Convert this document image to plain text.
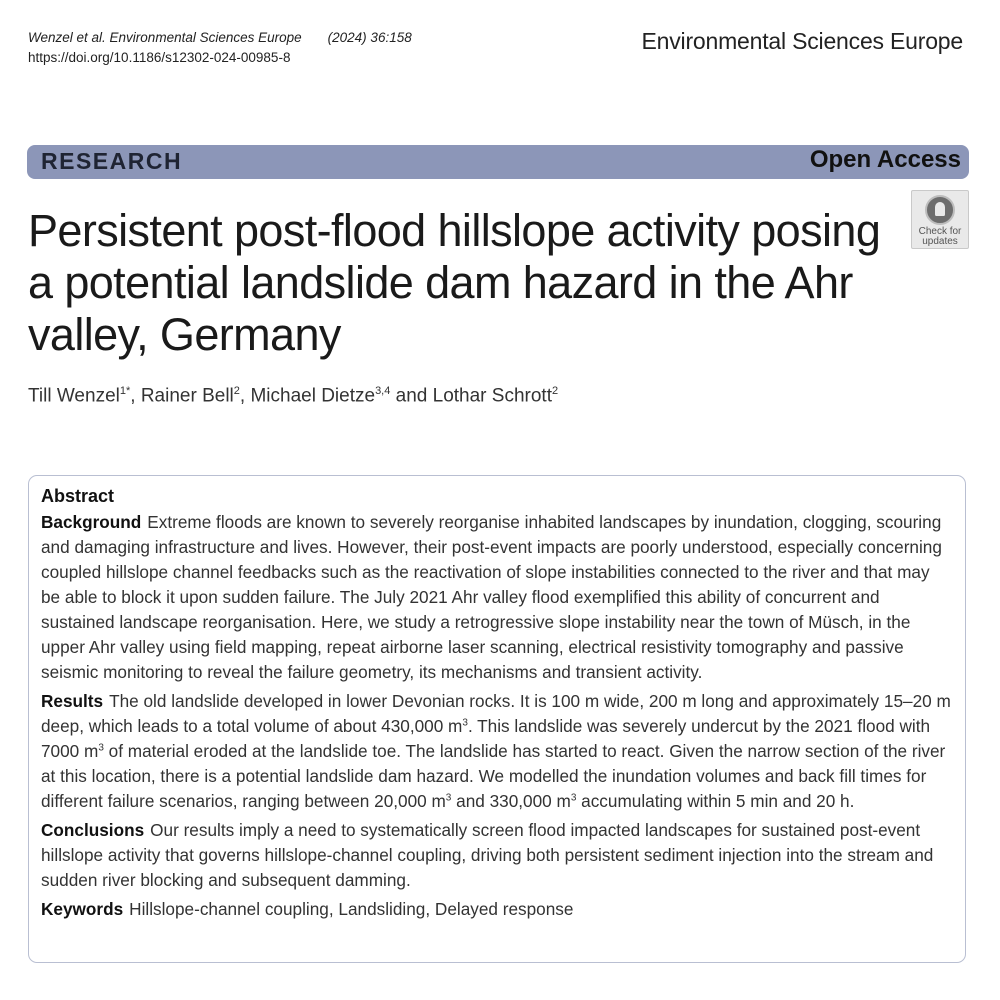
Wenzel et al. Environmental Sciences Europe (2024) 36:158
https://doi.org/10.1186/s12302-024-00985-8
Environmental Sciences Europe
RESEARCH	Open Access
Check for
updates
Persistent post-flood hillslope activity posing a potential landslide dam hazard in the Ahr valley, Germany
Till Wenzel$^{1*}$, Rainer Bell$^2$, Michael Dietze$^{3,4}$ and Lothar Schrott$^2$
Abstract

Background Extreme floods are known to severely reorganise inhabited landscapes by inundation, clogging, scouring and damaging infrastructure and lives. However, their post-event impacts are poorly understood, especially concerning coupled hillslope channel feedbacks such as the reactivation of slope instabilities connected to the river and that may be able to block it upon sudden failure. The July 2021 Ahr valley flood exemplified this ability of concurrent and sustained landscape reorganisation. Here, we study a retrogressive slope instability near the town of Müsch, in the upper Ahr valley using field mapping, repeat airborne laser scanning, electrical resistivity tomography and passive seismic monitoring to reveal the failure geometry, its mechanisms and transient activity.

Results The old landslide developed in lower Devonian rocks. It is 100 m wide, 200 m long and approximately 15–20 m deep, which leads to a total volume of about 430,000 $m^3$. This landslide was severely undercut by the 2021 flood with 7000 $m^3$ of material eroded at the landslide toe. The landslide has started to react. Given the narrow section of the river at this location, there is a potential landslide dam hazard. We modelled the inundation volumes and back fill times for different failure scenarios, ranging between 20,000 $m^3$ and 330,000 $m^3$ accumulating within 5 min and 20 h.

Conclusions Our results imply a need to systematically screen flood impacted landscapes for sustained post-event hillslope activity that governs hillslope-channel coupling, driving both persistent sediment injection into the stream and sudden river blocking and subsequent damming.

Keywords Hillslope-channel coupling, Landsliding, Delayed response
